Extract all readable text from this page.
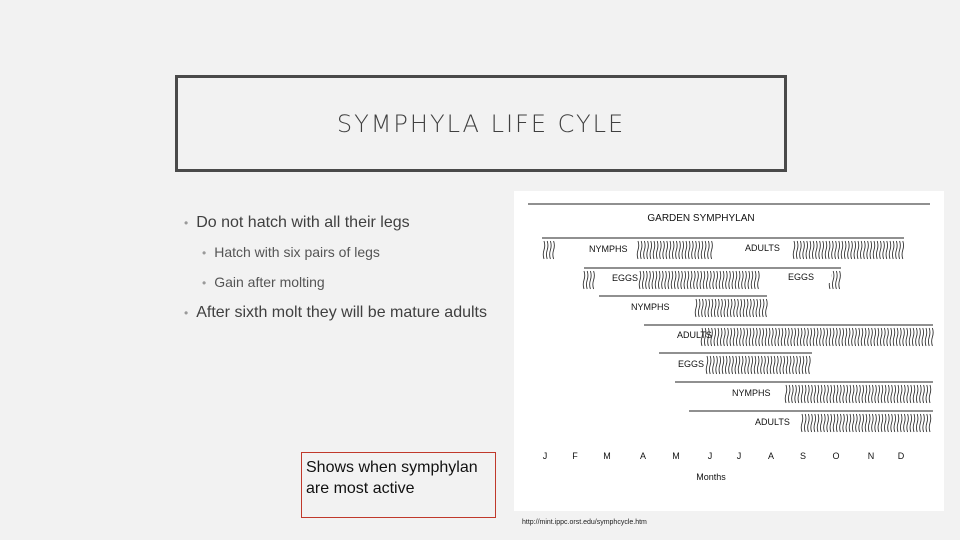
SYMPHYLA LIFE CYLE
• Do not hatch with all their legs
• Hatch with six pairs of legs
• Gain after molting
• After sixth molt they will be mature adults
GARDEN SYMPHYLAN
NYMPHS	ADULTS
EGGS	EGGS
NYMPHS
ADULTS
EGGS
NYMPHS
ADULTS
J	F	M	A	M	J	J	A	S	O	N	D
Months
Shows when symphylan are most active
http://mint.ippc.orst.edu/symphcycle.htm
